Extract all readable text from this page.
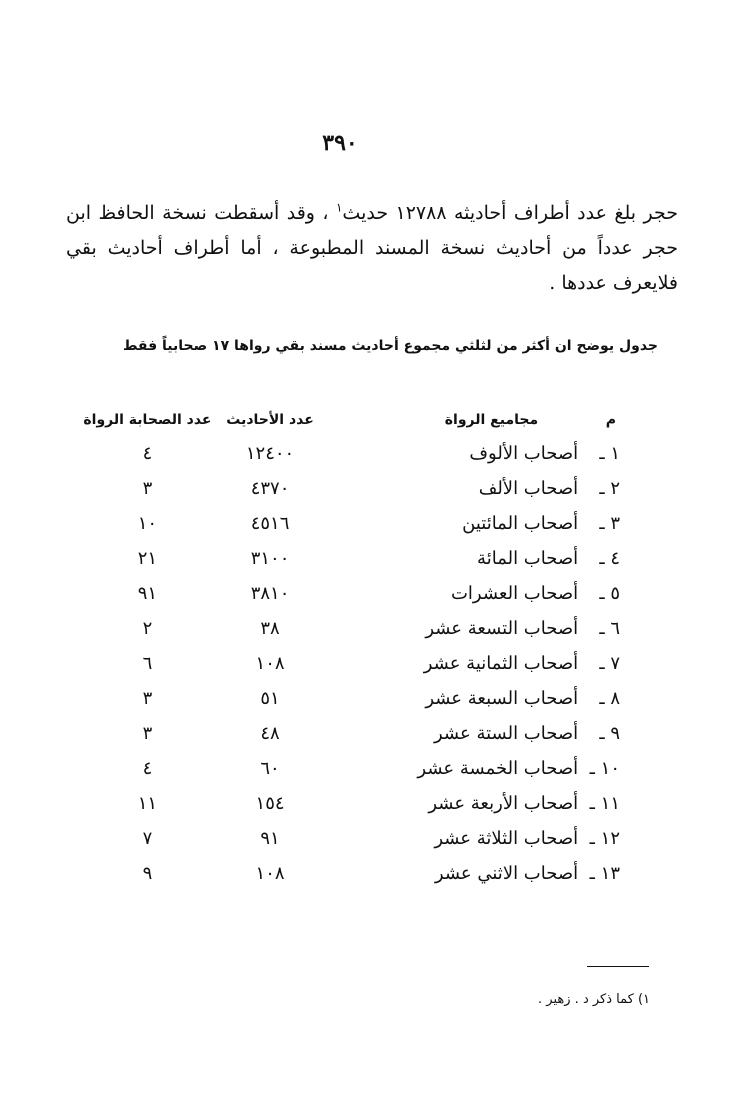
٣٩٠

حجر بلغ عدد أطراف أحاديثه ١٢٧٨٨ حديث$^١$ ، وقد أسقطت نسخة الحافظ ابن حجر عدداً من أحاديث نسخة المسند المطبوعة ، أما أطراف أحاديث بقي فلايعرف عددها .

جدول يوضح ان أكثر من لثلثي مجموع أحاديث مسند بقي رواها ١٧ صحابياً فقط
م	مجاميع الرواة	عدد الأحاديث	عدد الصحابة الرواة
١ ـ	أصحاب الألوف	١٢٤٠٠	٤
٢ ـ	أصحاب الألف	٤٣٧٠	٣
٣ ـ	أصحاب المائتين	٤٥١٦	١٠
٤ ـ	أصحاب المائة	٣١٠٠	٢١
٥ ـ	أصحاب العشرات	٣٨١٠	٩١
٦ ـ	أصحاب التسعة عشر	٣٨	٢
٧ ـ	أصحاب الثمانية عشر	١٠٨	٦
٨ ـ	أصحاب السبعة عشر	٥١	٣
٩ ـ	أصحاب الستة عشر	٤٨	٣
١٠ ـ	أصحاب الخمسة عشر	٦٠	٤
١١ ـ	أصحاب الأربعة عشر	١٥٤	١١
١٢ ـ	أصحاب الثلاثة عشر	٩١	٧
١٣ ـ	أصحاب الاثني عشر	١٠٨	٩
١) كما ذكر د . زهير .
